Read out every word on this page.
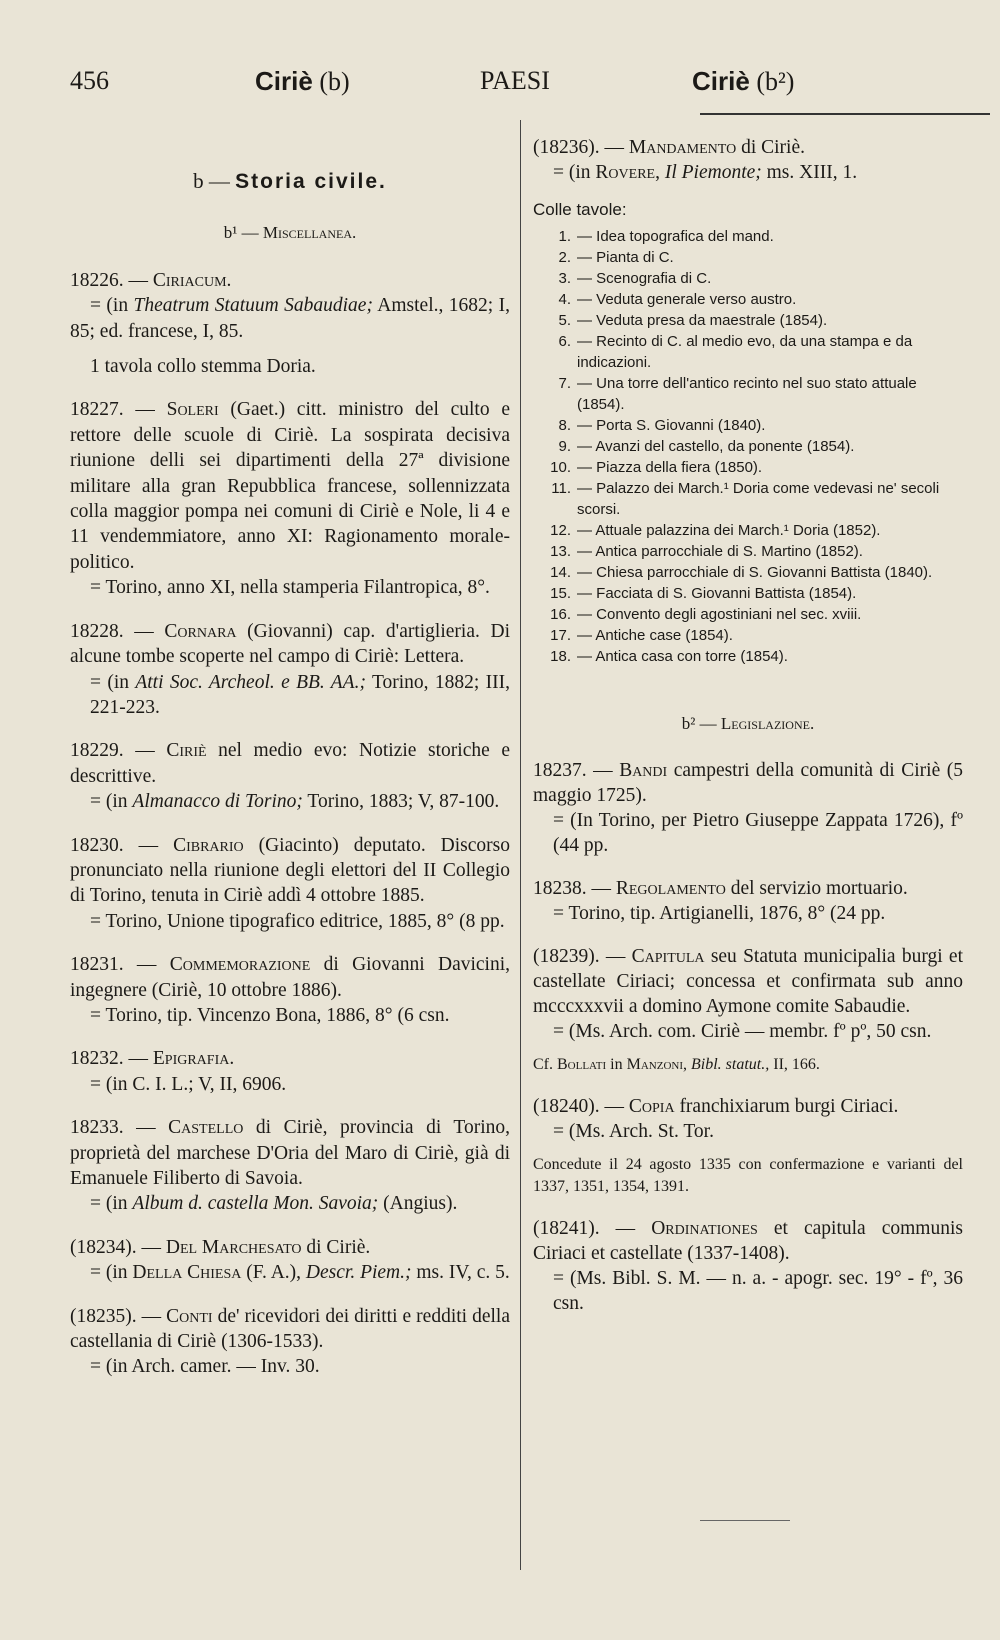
456	Ciriè (b)	PAESI	Ciriè (b²)
b — Storia civile.
b¹ — Miscellanea.
18226. — Ciriacum.
= (in Theatrum Statuum Sabaudiae; Amstel., 1682; I, 85; ed. francese, I, 85.
1 tavola collo stemma Doria.
18227. — Soleri (Gaet.) citt. ministro del culto e rettore delle scuole di Ciriè. La sospirata decisiva riunione delli sei dipartimenti della 27ª divisione militare alla gran Repubblica francese, sollennizzata colla maggior pompa nei comuni di Ciriè e Nole, li 4 e 11 vendemmiatore, anno XI: Ragionamento morale-politico.
= Torino, anno XI, nella stamperia Filantropica, 8°.
18228. — Cornara (Giovanni) cap. d'artiglieria. Di alcune tombe scoperte nel campo di Ciriè: Lettera.
= (in Atti Soc. Archeol. e BB. AA.; Torino, 1882; III, 221-223.
18229. — Ciriè nel medio evo: Notizie storiche e descrittive.
= (in Almanacco di Torino; Torino, 1883; V, 87-100.
18230. — Cibrario (Giacinto) deputato. Discorso pronunciato nella riunione degli elettori del II Collegio di Torino, tenuta in Ciriè addì 4 ottobre 1885.
= Torino, Unione tipografico editrice, 1885, 8° (8 pp.
18231. — Commemorazione di Giovanni Davicini, ingegnere (Ciriè, 10 ottobre 1886).
= Torino, tip. Vincenzo Bona, 1886, 8° (6 csn.
18232. — Epigrafia.
= (in C. I. L.; V, II, 6906.
18233. — Castello di Ciriè, provincia di Torino, proprietà del marchese D'Oria del Maro di Ciriè, già di Emanuele Filiberto di Savoia.
= (in Album d. castella Mon. Savoia; (Angius).
(18234). — Del Marchesato di Ciriè.
= (in Della Chiesa (F. A.), Descr. Piem.; ms. IV, c. 5.
(18235). — Conti de' ricevidori dei diritti e redditi della castellania di Ciriè (1306-1533).
= (in Arch. camer. — Inv. 30.
(18236). — Mandamento di Ciriè.
= (in Rovere, Il Piemonte; ms. XIII, 1.
Colle tavole:
1. — Idea topografica del mand.
2. — Pianta di C.
3. — Scenografia di C.
4. — Veduta generale verso austro.
5. — Veduta presa da maestrale (1854).
6. — Recinto di C. al medio evo, da una stampa e da indicazioni.
7. — Una torre dell'antico recinto nel suo stato attuale (1854).
8. — Porta S. Giovanni (1840).
9. — Avanzi del castello, da ponente (1854).
10. — Piazza della fiera (1850).
11. — Palazzo dei March.¹ Doria come vedevasi ne' secoli scorsi.
12. — Attuale palazzina dei March.¹ Doria (1852).
13. — Antica parrocchiale di S. Martino (1852).
14. — Chiesa parrocchiale di S. Giovanni Battista (1840).
15. — Facciata di S. Giovanni Battista (1854).
16. — Convento degli agostiniani nel sec. xviii.
17. — Antiche case (1854).
18. — Antica casa con torre (1854).
b² — Legislazione.
18237. — Bandi campestri della comunità di Ciriè (5 maggio 1725).
= (In Torino, per Pietro Giuseppe Zappata 1726), fº (44 pp.
18238. — Regolamento del servizio mortuario.
= Torino, tip. Artigianelli, 1876, 8° (24 pp.
(18239). — Capitula seu Statuta municipalia burgi et castellate Ciriaci; concessa et confirmata sub anno mcccxxxvii a domino Aymone comite Sabaudie.
= (Ms. Arch. com. Ciriè — membr. fº pº, 50 csn.
Cf. Bollati in Manzoni, Bibl. statut., II, 166.
(18240). — Copia franchixiarum burgi Ciriaci.
= (Ms. Arch. St. Tor.
Concedute il 24 agosto 1335 con confermazione e varianti del 1337, 1351, 1354, 1391.
(18241). — Ordinationes et capitula communis Ciriaci et castellate (1337-1408).
= (Ms. Bibl. S. M. — n. a. - apogr. sec. 19° - fº, 36 csn.
